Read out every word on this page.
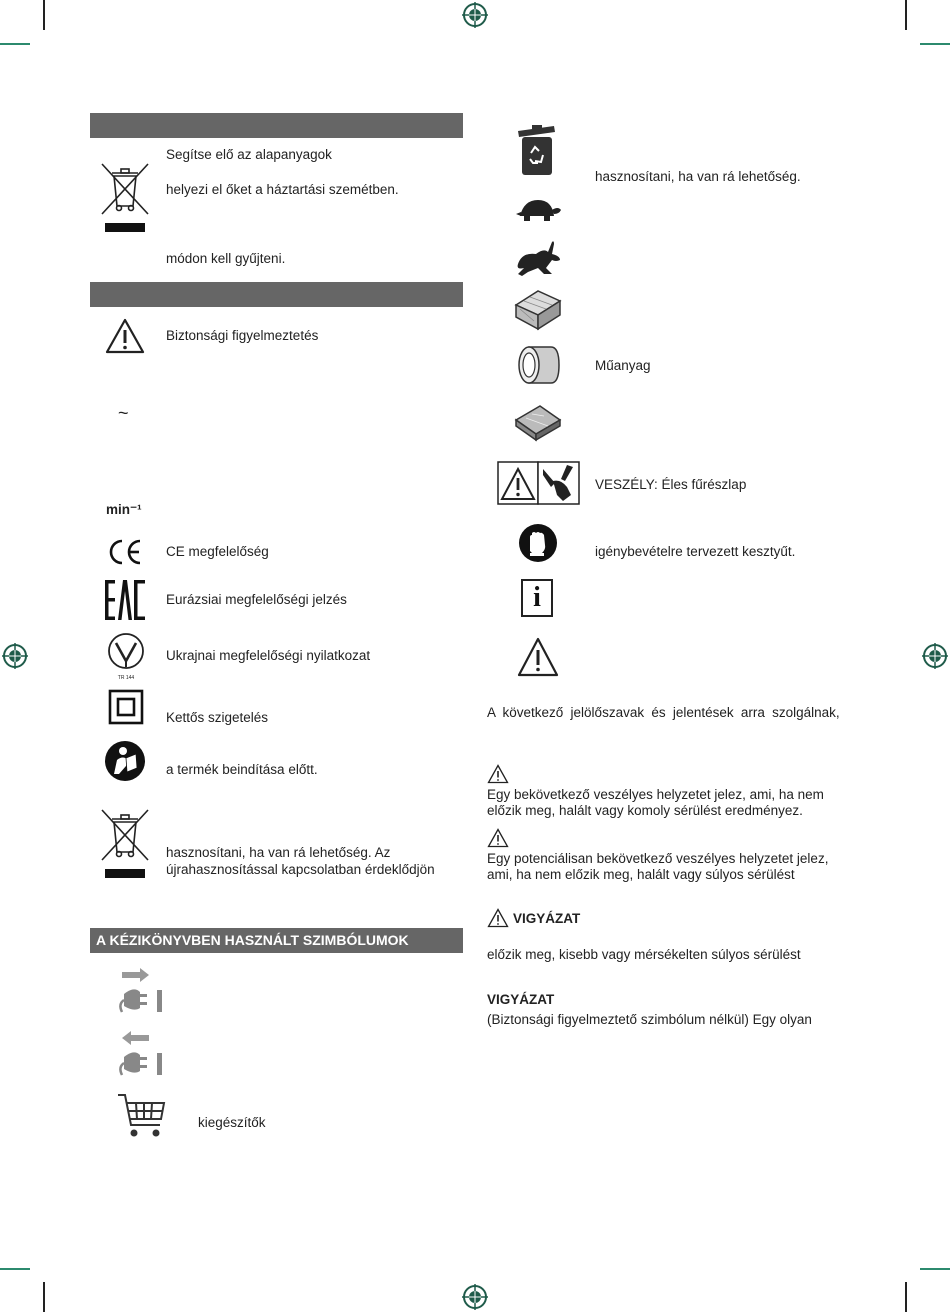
Segítse elő az alapanyagok
helyezi el őket a háztartási szemétben.
módon kell gyűjteni.
Biztonsági figyelmeztetés
~
min⁻¹
CE megfelelőség
Eurázsiai megfelelőségi jelzés
TR 144
Ukrajnai megfelelőségi nyilatkozat
Kettős szigetelés
a termék beindítása előtt.
hasznosítani, ha van rá lehetőség. Az
újrahasznosítással kapcsolatban érdeklődjön
A KÉZIKÖNYVBEN HASZNÁLT SZIMBÓLUMOK
kiegészítők
hasznosítani, ha van rá lehetőség.
Műanyag
VESZÉLY: Éles fűrészlap
igénybevételre tervezett kesztyűt.
i
A következő jelölőszavak és jelentések arra szolgálnak,
Egy bekövetkező veszélyes helyzetet jelez, ami, ha nem
előzik meg, halált vagy komoly sérülést eredményez.
Egy potenciálisan bekövetkező veszélyes helyzetet jelez,
ami, ha nem előzik meg, halált vagy súlyos sérülést
VIGYÁZAT
előzik meg, kisebb vagy mérsékelten súlyos sérülést
VIGYÁZAT
(Biztonsági figyelmeztető szimbólum nélkül) Egy olyan
